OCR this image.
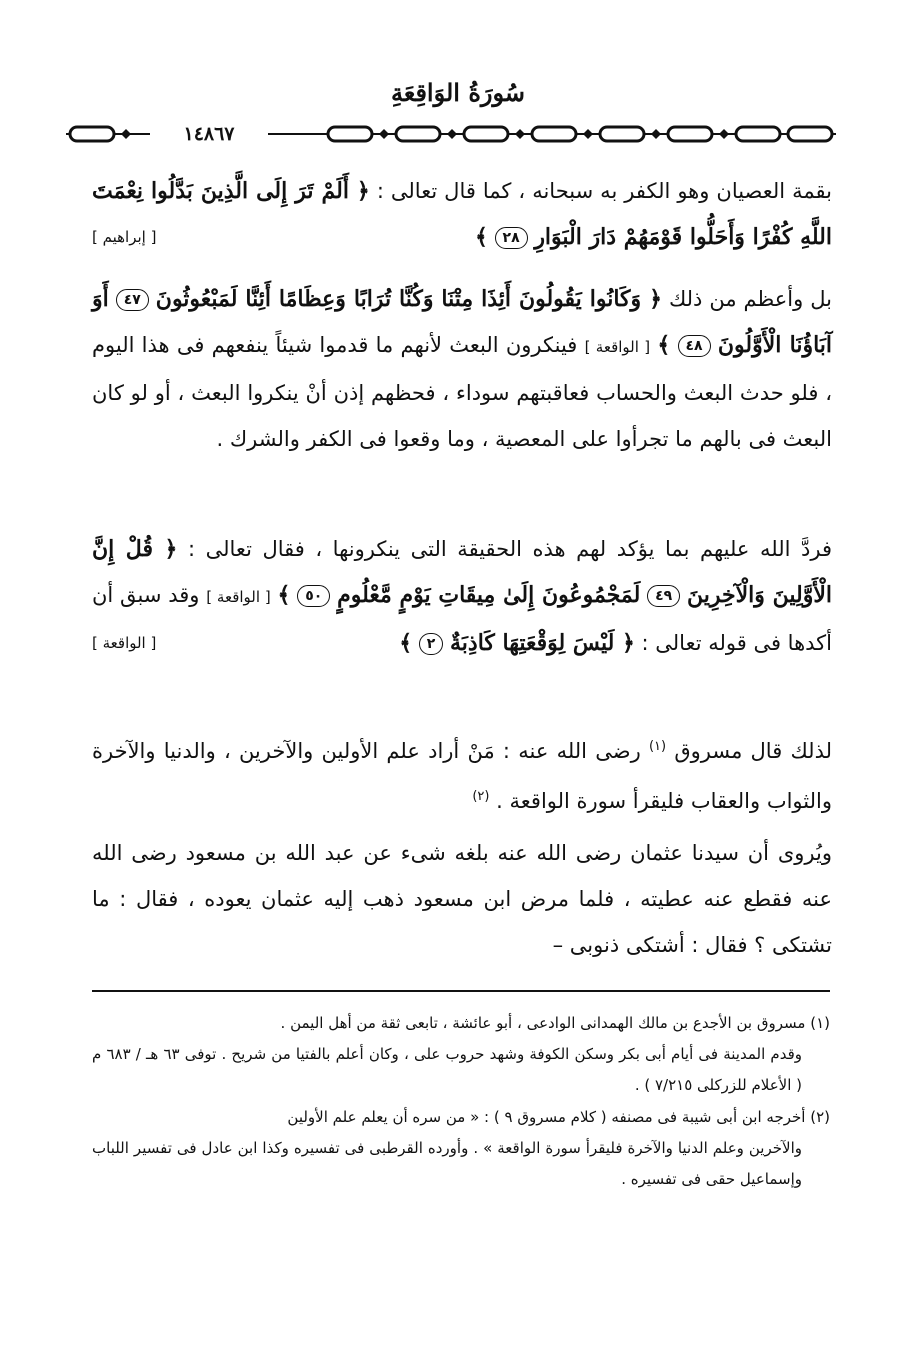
سُورَةُ الوَاقِعَةِ
١٤٨٦٧
بقمة العصيان وهو الكفر به سبحانه ، كما قال تعالى : ﴿ أَلَمْ تَرَ إِلَى الَّذِينَ بَدَّلُوا نِعْمَتَ اللَّهِ كُفْرًا وَأَحَلُّوا قَوْمَهُمْ دَارَ الْبَوَارِ ٢٨ ﴾
[ إبراهيم ]
بل وأعظم من ذلك ﴿ وَكَانُوا يَقُولُونَ أَئِذَا مِتْنَا وَكُنَّا تُرَابًا وَعِظَامًا أَئِنَّا لَمَبْعُوثُونَ ٤٧ أَوَ آبَاؤُنَا الْأَوَّلُونَ ٤٨ ﴾ [ الواقعة ] فينكرون البعث لأنهم ما قدموا شيئاً ينفعهم فى هذا اليوم ، فلو حدث البعث والحساب فعاقبتهم سوداء ، فحظهم إذن أنْ ينكروا البعث ، أو لو كان البعث فى بالهم ما تجرأوا على المعصية ، وما وقعوا فى الكفر والشرك .
فردَّ الله عليهم بما يؤكد لهم هذه الحقيقة التى ينكرونها ، فقال تعالى : ﴿ قُلْ إِنَّ الْأَوَّلِينَ وَالْآخِرِينَ ٤٩ لَمَجْمُوعُونَ إِلَىٰ مِيقَاتِ يَوْمٍ مَّعْلُومٍ ٥٠ ﴾ [ الواقعة ] وقد سبق أن أكدها فى قوله تعالى : ﴿ لَيْسَ لِوَقْعَتِهَا كَاذِبَةٌ ٢ ﴾
[ الواقعة ]
لذلك قال مسروق $^{(١)}$ رضى الله عنه : مَنْ أراد علم الأولين والآخرين ، والدنيا والآخرة والثواب والعقاب فليقرأ سورة الواقعة . $^{(٢)}$
ويُروى أن سيدنا عثمان رضى الله عنه بلغه شىء عن عبد الله بن مسعود رضى الله عنه فقطع عنه عطيته ، فلما مرض ابن مسعود ذهب إليه عثمان يعوده ، فقال : ما تشتكى ؟ فقال : أشتكى ذنوبى –
(١) مسروق بن الأجدع بن مالك الهمدانى الوادعى ، أبو عائشة ، تابعى ثقة من أهل اليمن .
وقدم المدينة فى أيام أبى بكر وسكن الكوفة وشهد حروب على ، وكان أعلم بالفتيا من شريح . توفى ٦٣ هـ / ٦٨٣ م ( الأعلام للزركلى ٧/٢١٥ ) .
(٢) أخرجه ابن أبى شيبة فى مصنفه ( كلام مسروق ٩ ) : « من سره أن يعلم علم الأولين
والآخرين وعلم الدنيا والآخرة فليقرأ سورة الواقعة » . وأورده القرطبى فى تفسيره وكذا ابن عادل فى تفسير اللباب وإسماعيل حقى فى تفسيره .
